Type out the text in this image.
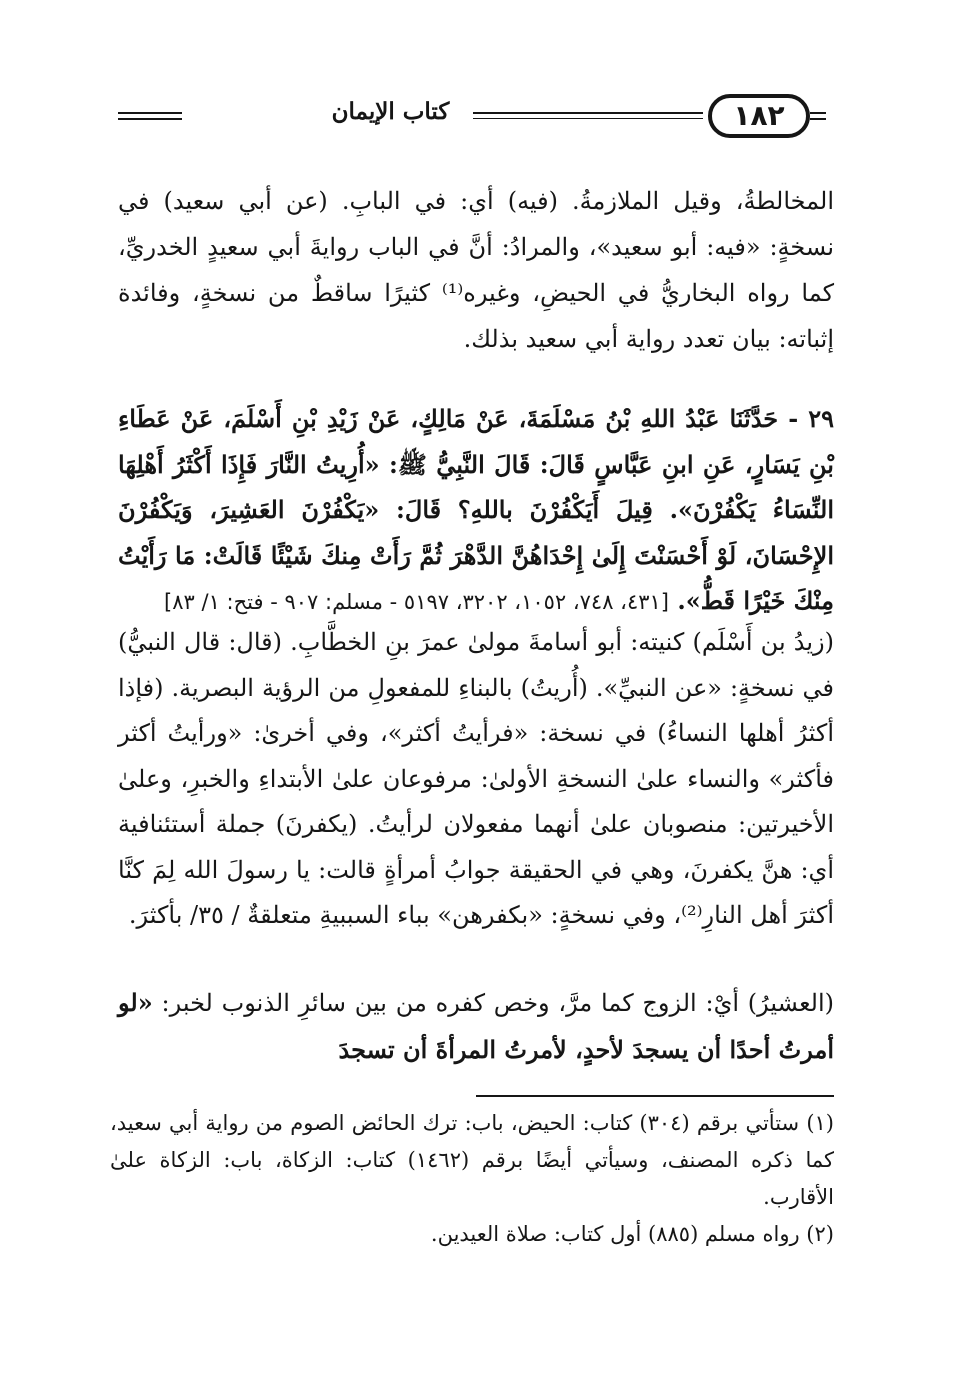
كتاب الإيمان	١٨٢

المخالطةُ، وقيل الملازمةُ. (فيه) أي: في البابِ. (عن أبي سعيد) في نسخةٍ: «فيه: أبو سعيد»، والمرادُ: أنَّ في الباب روايةَ أبي سعيدٍ الخدريِّ، كما رواه البخاريُّ في الحيضِ، وغيره⁽¹⁾ كثيرًا ساقطٌ من نسخةٍ، وفائدة إثباته: بيان تعدد رواية أبي سعيد بذلك.

٢٩ - حَدَّثَنَا عَبْدُ اللهِ بْنُ مَسْلَمَةَ، عَنْ مَالِكٍ، عَنْ زَيْدِ بْنِ أَسْلَمَ، عَنْ عَطَاءِ بْنِ يَسَارٍ، عَنِ ابنِ عَبَّاسٍ قَالَ: قَالَ النَّبِيُّ ﷺ: «أُرِيتُ النَّارَ فَإِذَا أَكْثَرُ أَهْلِهَا النِّسَاءُ يَكْفُرْنَ». قِيلَ أَيَكْفُرْنَ باللهِ؟ قَالَ: «يَكْفُرْنَ العَشِيرَ، وَيَكْفُرْنَ الإِحْسَانَ، لَوْ أَحْسَنْتَ إِلَىٰ إِحْدَاهُنَّ الدَّهْرَ ثُمَّ رَأَتْ مِنكَ شَيْئًا قَالَتْ: مَا رَأَيْتُ مِنْكَ خَيْرًا قَطُّ». [٤٣١، ٧٤٨، ١٠٥٢، ٣٢٠٢، ٥١٩٧ - مسلم: ٩٠٧ - فتح: ١/ ٨٣]

(زيدُ بن أَسْلَم) كنيته: أبو أسامةَ مولىٰ عمرَ بنِ الخطَّابِ. (قال: قال النبيُّ) في نسخةٍ: «عن النبيِّ». (أُريتُ) بالبناءِ للمفعولِ من الرؤية البصرية. (فإذا أكثرُ أهلها النساءُ) في نسخة: «فرأيتُ أكثر»، وفي أخرىٰ: «ورأيتُ أكثر فأكثر» والنساء علىٰ النسخةِ الأولىٰ: مرفوعان علىٰ الأبتداءِ والخبرِ، وعلىٰ الأخيرتين: منصوبان علىٰ أنهما مفعولان لرأيتُ. (يكفرنَ) جملة أستئنافية أي: هنَّ يكفرنَ، وهي في الحقيقة جوابُ أمرأةٍ قالت: يا رسولَ الله لِمَ كنَّا أكثرَ أهل النارِ⁽²⁾، وفي نسخةٍ: «بكفرهن» بباء السببيةِ متعلقةٌ / ٣٥/ بأكثرَ.

(العشيرُ) أيْ: الزوج كما مرَّ، وخص كفره من بين سائرِ الذنوب لخبر: «لو أمرتُ أحدًا أن يسجدَ لأحدٍ، لأمرتُ المرأةَ أن تسجدَ

(١) ستأتي برقم (٣٠٤) كتاب: الحيض، باب: ترك الحائض الصوم من رواية أبي سعيد، كما ذكره المصنف، وسيأتي أيضًا برقم (١٤٦٢) كتاب: الزكاة، باب: الزكاة علىٰ الأقارب.

(٢) رواه مسلم (٨٨٥) أول كتاب: صلاة العيدين.
